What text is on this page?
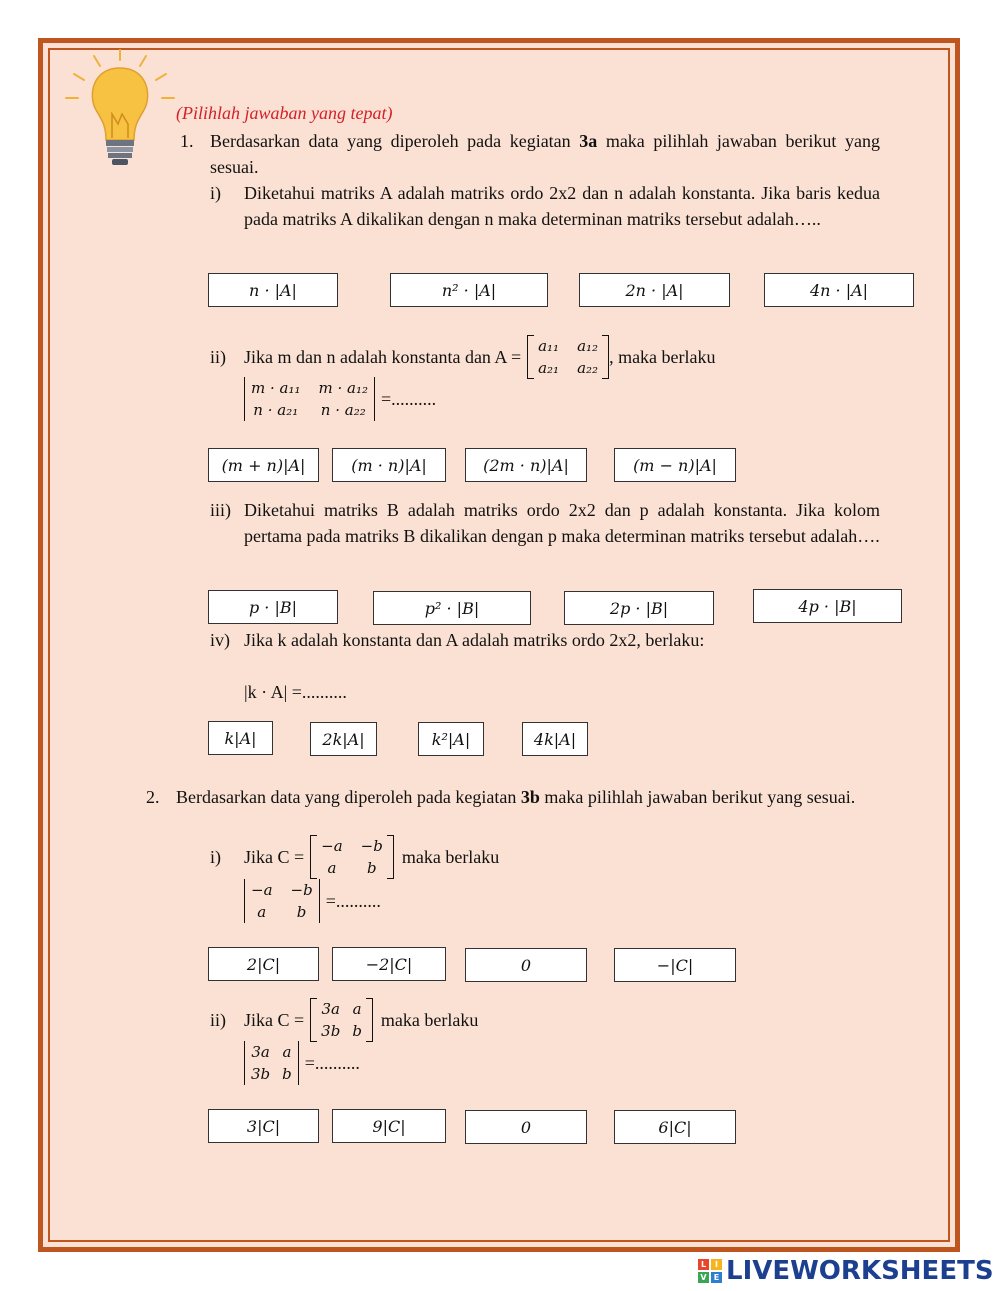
(Pilihlah jawaban yang tepat)
1. Berdasarkan data yang diperoleh pada kegiatan 3a maka pilihlah jawaban berikut yang sesuai.
i) Diketahui matriks A adalah matriks ordo 2x2 dan n adalah konstanta. Jika baris kedua pada matriks A dikalikan dengan n maka determinan matriks tersebut adalah…..
n · |A|	n² · |A|	2n · |A|	4n · |A|
ii) Jika m dan n adalah konstanta dan A =
a₁₁ a₁₂
a₂₁ a₂₂
, maka berlaku
m · a₁₁ m · a₁₂
n · a₂₁ n · a₂₂
=..........
(m + n)|A|	(m · n)|A|	(2m · n)|A|	(m − n)|A|
iii) Diketahui matriks B adalah matriks ordo 2x2 dan p adalah konstanta. Jika kolom pertama pada matriks B dikalikan dengan p maka determinan matriks tersebut adalah….
p · |B|	p² · |B|	2p · |B|	4p · |B|
iv) Jika k adalah konstanta dan A adalah matriks ordo 2x2, berlaku:
|k · A| =..........
k|A|	2k|A|	k²|A|	4k|A|
2. Berdasarkan data yang diperoleh pada kegiatan 3b maka pilihlah jawaban berikut yang sesuai.
i) Jika C =
−a −b
a	b
maka berlaku
−a −b
a	b
=..........
2|C|	−2|C|	0	−|C|
ii) Jika C =
3a a
3b b
maka berlaku
3a a
3b b
=..........
3|C|	9|C|	0	6|C|
L	I
V E LIVEWORKSHEETS
